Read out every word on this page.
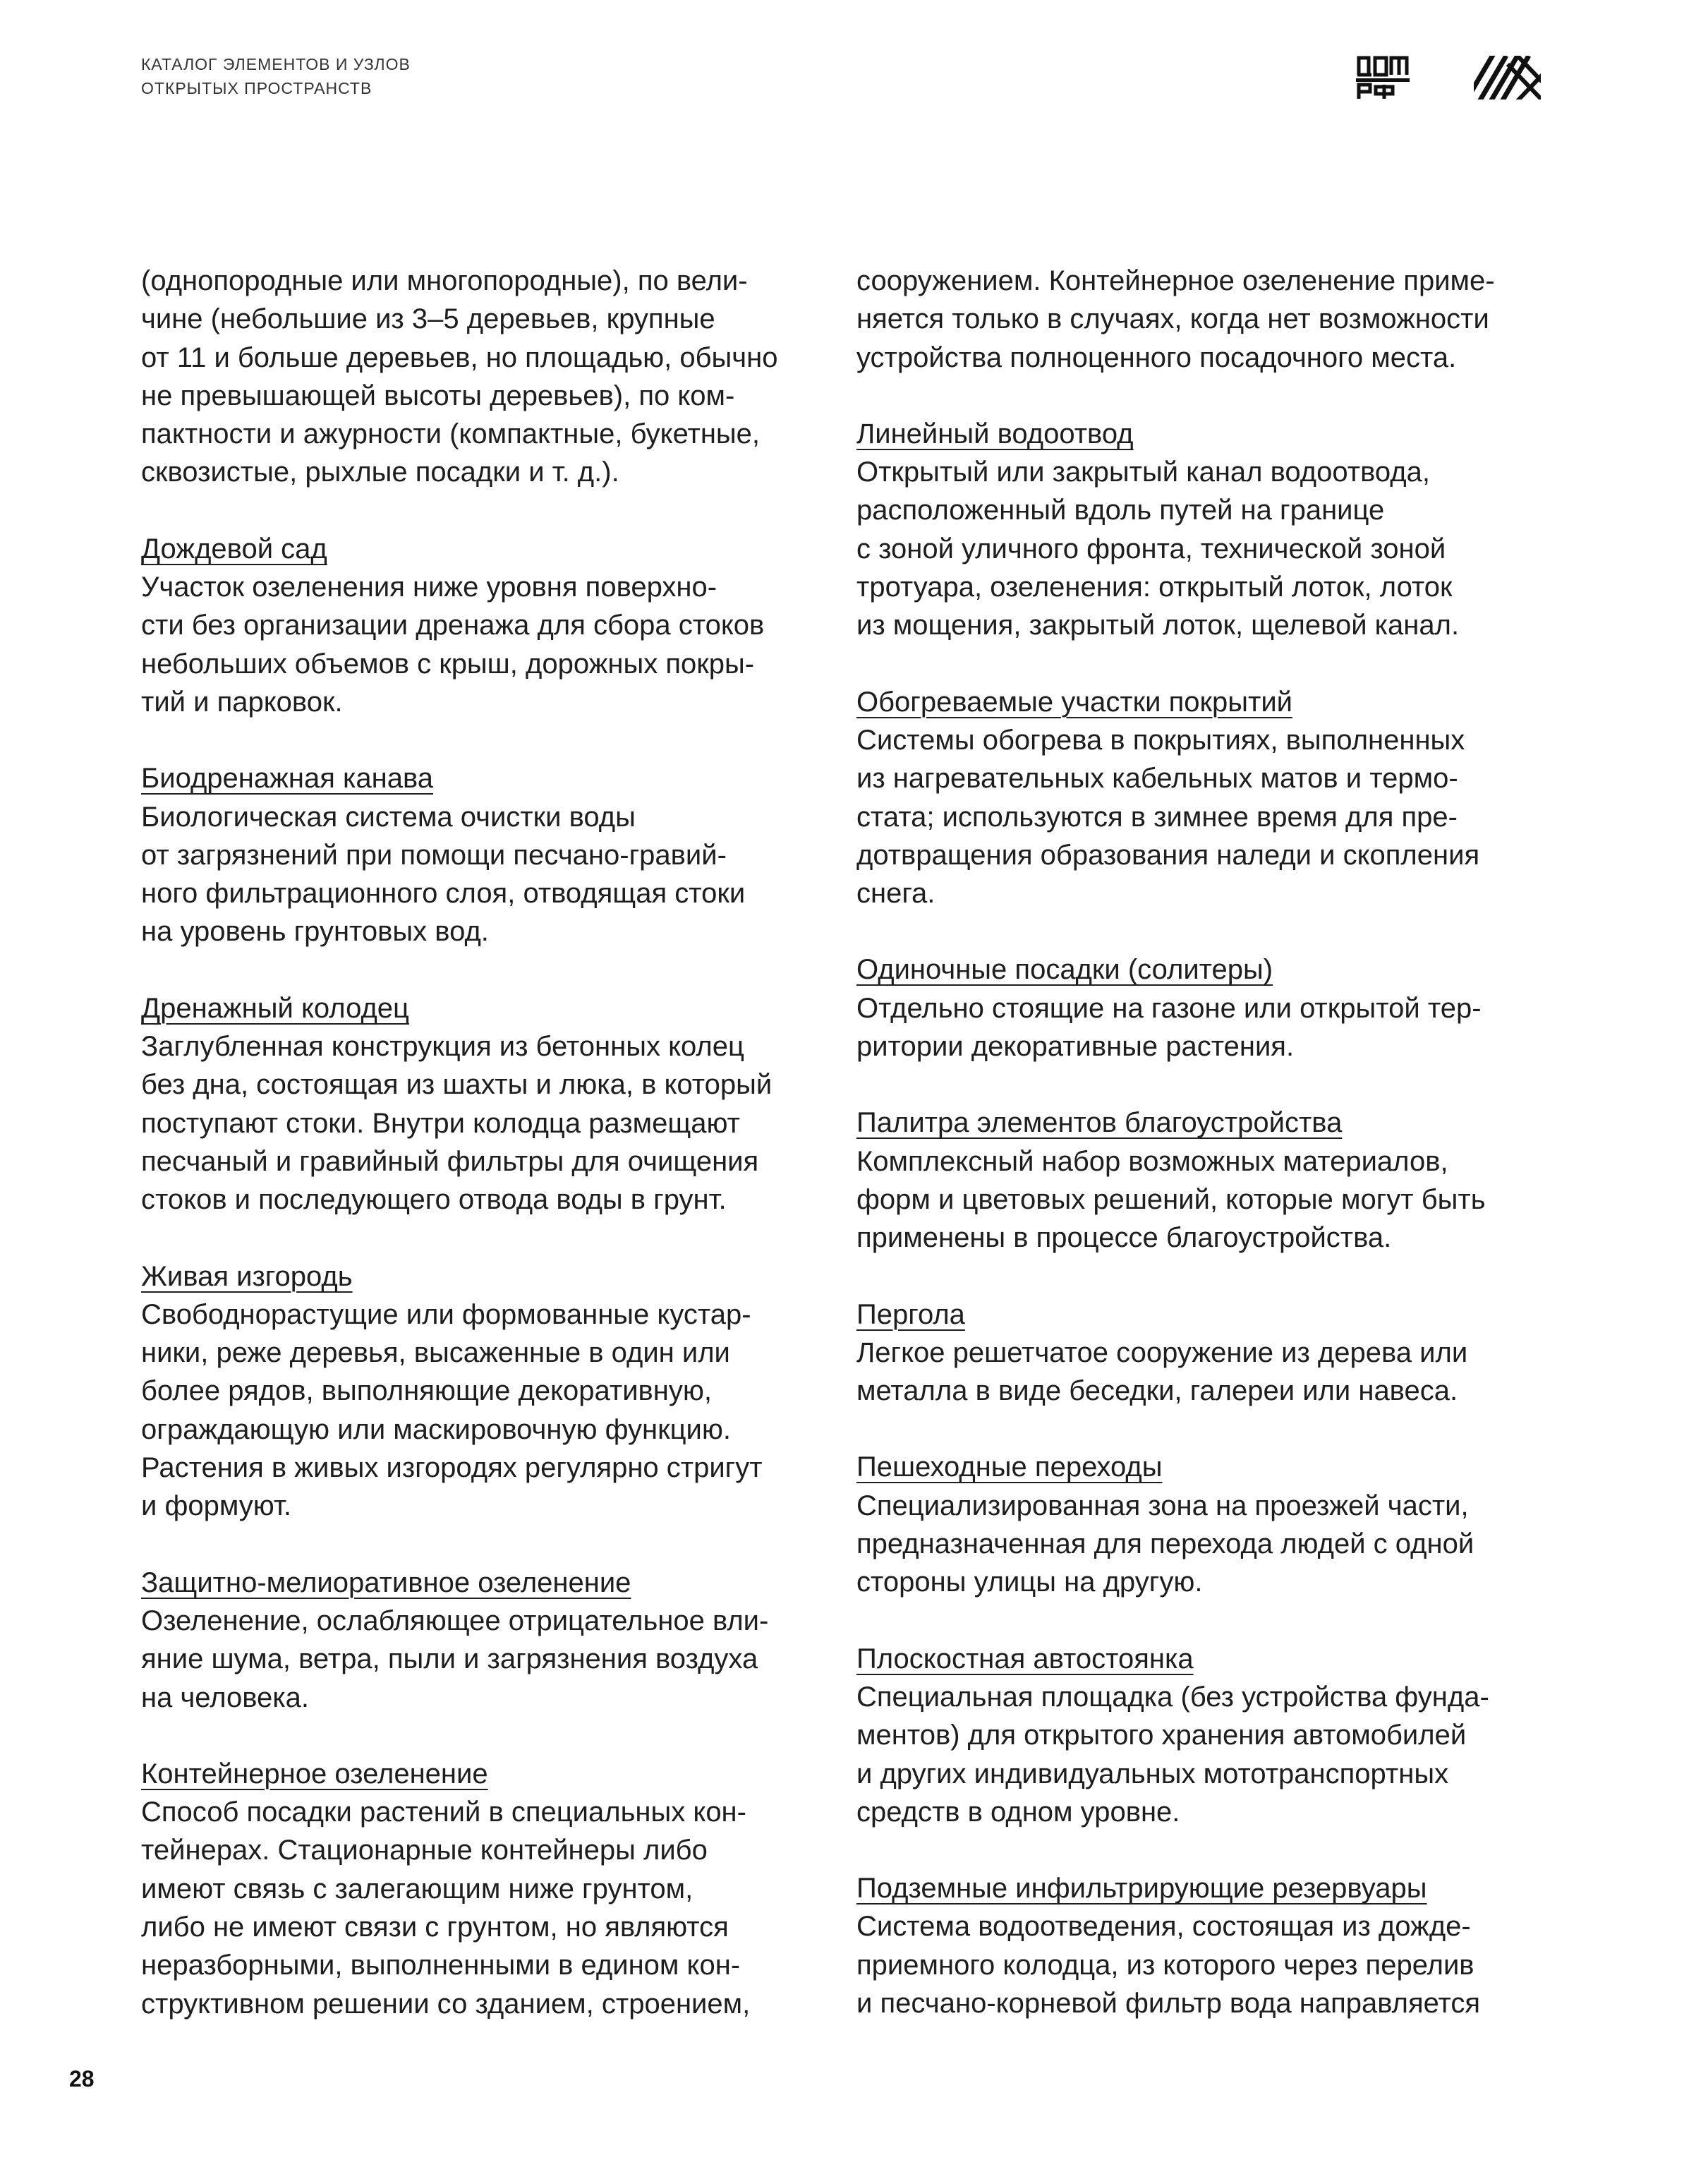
КАТАЛОГ ЭЛЕМЕНТОВ И УЗЛОВ
ОТКРЫТЫХ ПРОСТРАНСТВ

(однопородные или многопородные), по вели-
чине (небольшие из 3–5 деревьев, крупные
от 11 и больше деревьев, но площадью, обычно
не превышающей высоты деревьев), по ком-
пактности и ажурности (компактные, букетные,
сквозистые, рыхлые посадки и т. д.).

Дождевой сад
Участок озеленения ниже уровня поверхно-
сти без организации дренажа для сбора стоков
небольших объемов с крыш, дорожных покры-
тий и парковок.
Биодренажная канава
Биологическая система очистки воды
от загрязнений при помощи песчано-гравий-
ного фильтрационного слоя, отводящая стоки
на уровень грунтовых вод.
Дренажный колодец
Заглубленная конструкция из бетонных колец
без дна, состоящая из шахты и люка, в который
поступают стоки. Внутри колодца размещают
песчаный и гравийный фильтры для очищения
стоков и последующего отвода воды в грунт.
Живая изгородь
Свободнорастущие или формованные кустар-
ники, реже деревья, высаженные в один или
более рядов, выполняющие декоративную,
ограждающую или маскировочную функцию.
Растения в живых изгородях регулярно стригут
и формуют.
Защитно-мелиоративное озеленение
Озеленение, ослабляющее отрицательное вли-
яние шума, ветра, пыли и загрязнения воздуха
на человека.
Контейнерное озеленение
Способ посадки растений в специальных кон-
тейнерах. Стационарные контейнеры либо
имеют связь с залегающим ниже грунтом,
либо не имеют связи с грунтом, но являются
неразборными, выполненными в едином кон-
структивном решении со зданием, строением,

сооружением. Контейнерное озеленение приме-
няется только в случаях, когда нет возможности
устройства полноценного посадочного места.

Линейный водоотвод
Открытый или закрытый канал водоотвода,
расположенный вдоль путей на границе
с зоной уличного фронта, технической зоной
тротуара, озеленения: открытый лоток, лоток
из мощения, закрытый лоток, щелевой канал.
Обогреваемые участки покрытий
Системы обогрева в покрытиях, выполненных
из нагревательных кабельных матов и термо-
стата; используются в зимнее время для пре-
дотвращения образования наледи и скопления
снега.
Одиночные посадки (солитеры)
Отдельно стоящие на газоне или открытой тер-
ритории декоративные растения.
Палитра элементов благоустройства
Комплексный набор возможных материалов,
форм и цветовых решений, которые могут быть
применены в процессе благоустройства.
Пергола
Легкое решетчатое сооружение из дерева или
металла в виде беседки, галереи или навеса.
Пешеходные переходы
Специализированная зона на проезжей части,
предназначенная для перехода людей с одной
стороны улицы на другую.
Плоскостная автостоянка
Специальная площадка (без устройства фунда-
ментов) для открытого хранения автомобилей
и других индивидуальных мототранспортных
средств в одном уровне.
Подземные инфильтрирующие резервуары
Система водоотведения, состоящая из дожде-
приемного колодца, из которого через перелив
и песчано-корневой фильтр вода направляется
28
